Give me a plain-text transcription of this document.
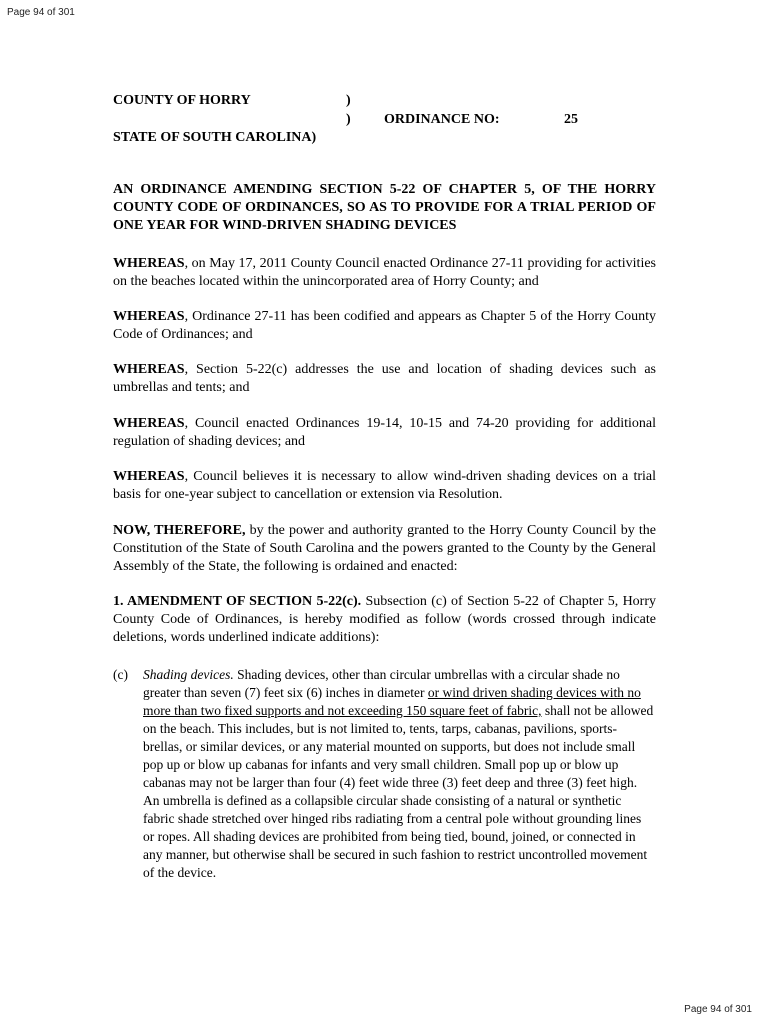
Page 94 of 301
COUNTY OF HORRY	)
) ORDINANCE NO:	25
STATE OF SOUTH CAROLINA)
AN ORDINANCE AMENDING SECTION 5-22 OF CHAPTER 5, OF THE HORRY COUNTY CODE OF ORDINANCES, SO AS TO PROVIDE FOR A TRIAL PERIOD OF ONE YEAR FOR WIND-DRIVEN SHADING DEVICES
WHEREAS, on May 17, 2011 County Council enacted Ordinance 27-11 providing for activities on the beaches located within the unincorporated area of Horry County; and
WHEREAS, Ordinance 27-11 has been codified and appears as Chapter 5 of the Horry County Code of Ordinances; and
WHEREAS, Section 5-22(c) addresses the use and location of shading devices such as umbrellas and tents; and
WHEREAS, Council enacted Ordinances 19-14, 10-15 and 74-20 providing for additional regulation of shading devices; and
WHEREAS, Council believes it is necessary to allow wind-driven shading devices on a trial basis for one-year subject to cancellation or extension via Resolution.
NOW, THEREFORE, by the power and authority granted to the Horry County Council by the Constitution of the State of South Carolina and the powers granted to the County by the General Assembly of the State, the following is ordained and enacted:
1. AMENDMENT OF SECTION 5-22(c). Subsection (c) of Section 5-22 of Chapter 5, Horry County Code of Ordinances, is hereby modified as follow (words crossed through indicate deletions, words underlined indicate additions):
(c) Shading devices. Shading devices, other than circular umbrellas with a circular shade no greater than seven (7) feet six (6) inches in diameter or wind driven shading devices with no more than two fixed supports and not exceeding 150 square feet of fabric, shall not be allowed on the beach. This includes, but is not limited to, tents, tarps, cabanas, pavilions, sports-brellas, or similar devices, or any material mounted on supports, but does not include small pop up or blow up cabanas for infants and very small children. Small pop up or blow up cabanas may not be larger than four (4) feet wide three (3) feet deep and three (3) feet high. An umbrella is defined as a collapsible circular shade consisting of a natural or synthetic fabric shade stretched over hinged ribs radiating from a central pole without grounding lines or ropes. All shading devices are prohibited from being tied, bound, joined, or connected in any manner, but otherwise shall be secured in such fashion to restrict uncontrolled movement of the device.
Page 94 of 301
